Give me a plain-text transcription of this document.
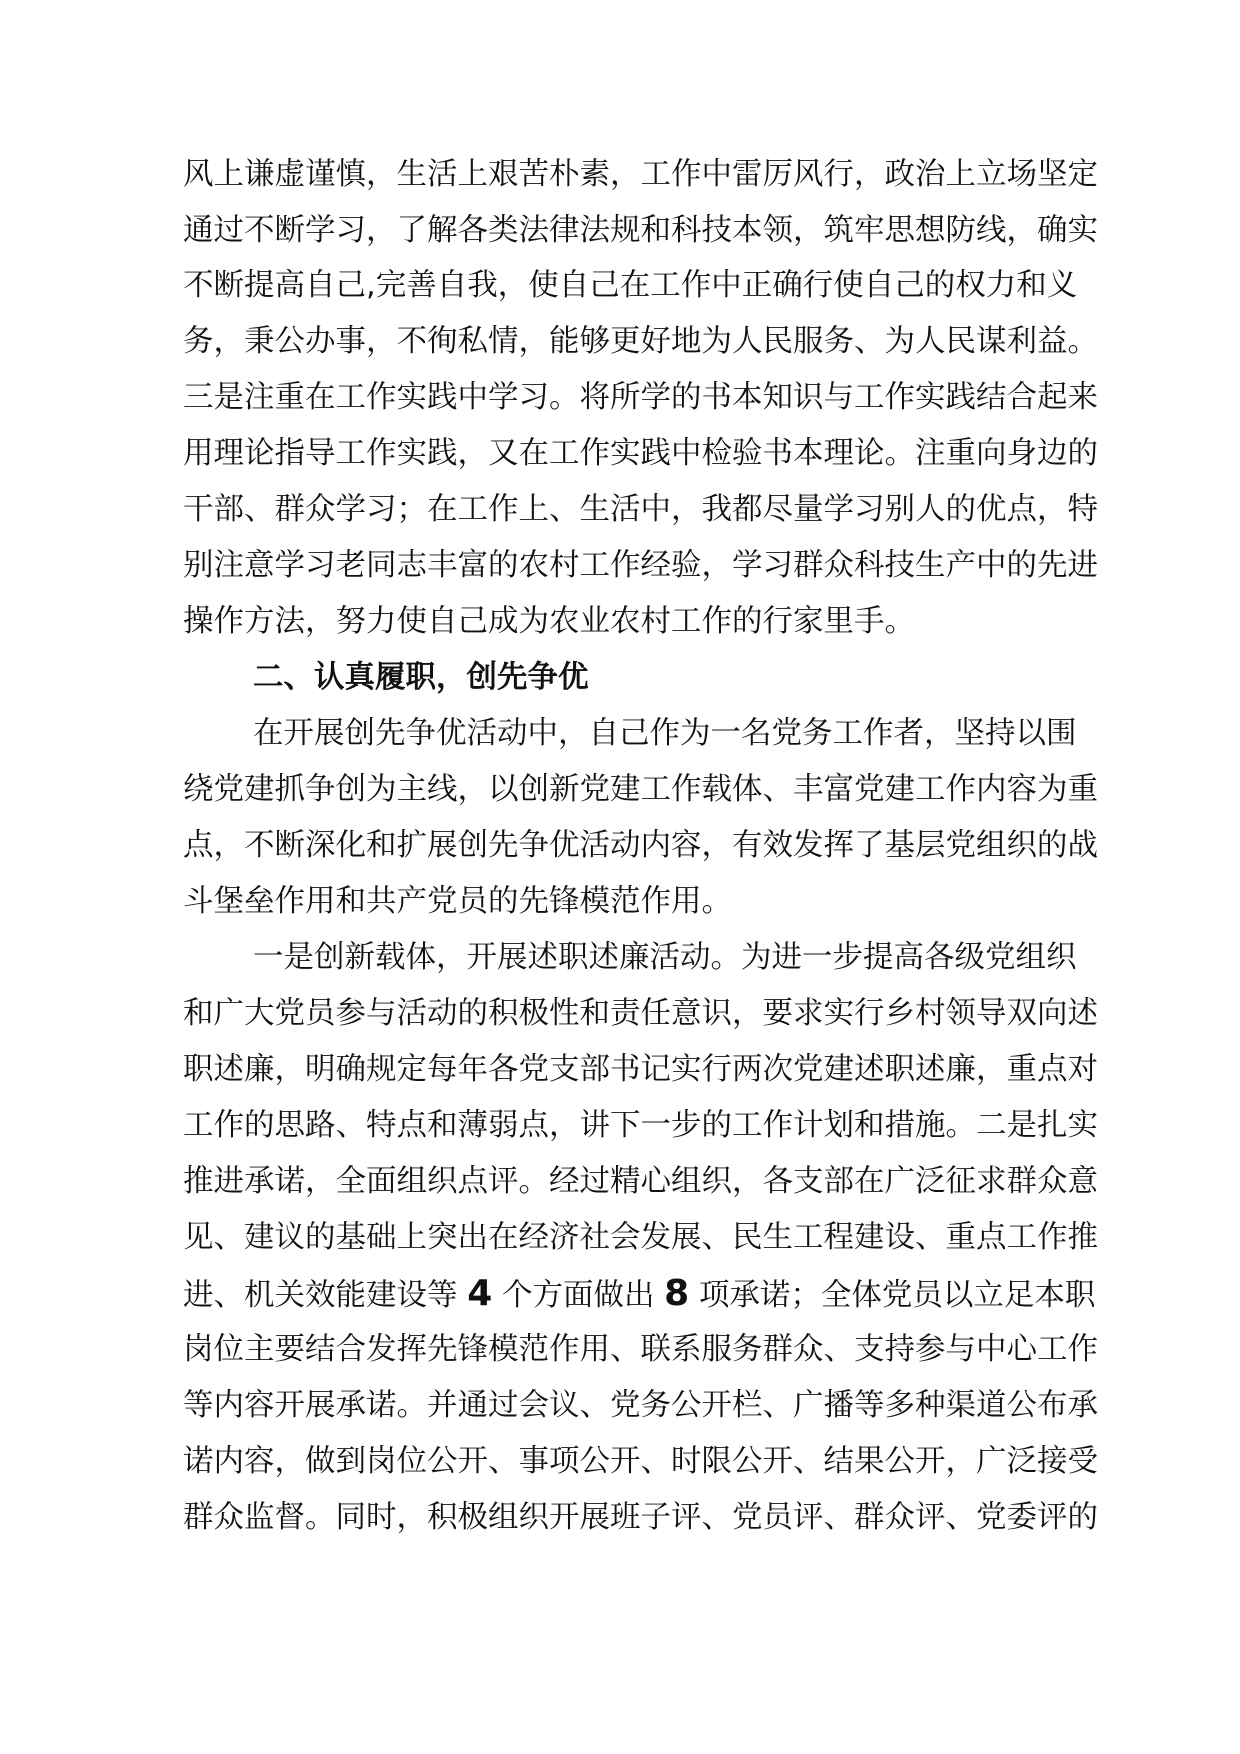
风上谦虚谨慎，生活上艰苦朴素，工作中雷厉风行，政治上立场坚定
通过不断学习，了解各类法律法规和科技本领，筑牢思想防线，确实
不断提高自己,完善自我，使自己在工作中正确行使自己的权力和义
务，秉公办事，不徇私情，能够更好地为人民服务、为人民谋利益。
三是注重在工作实践中学习。将所学的书本知识与工作实践结合起来
用理论指导工作实践，又在工作实践中检验书本理论。注重向身边的
干部、群众学习；在工作上、生活中，我都尽量学习别人的优点，特
别注意学习老同志丰富的农村工作经验，学习群众科技生产中的先进
操作方法，努力使自己成为农业农村工作的行家里手。
二、认真履职，创先争优
在开展创先争优活动中，自己作为一名党务工作者，坚持以围
绕党建抓争创为主线，以创新党建工作载体、丰富党建工作内容为重
点，不断深化和扩展创先争优活动内容，有效发挥了基层党组织的战
斗堡垒作用和共产党员的先锋模范作用。
一是创新载体，开展述职述廉活动。为进一步提高各级党组织
和广大党员参与活动的积极性和责任意识，要求实行乡村领导双向述
职述廉，明确规定每年各党支部书记实行两次党建述职述廉，重点对
工作的思路、特点和薄弱点，讲下一步的工作计划和措施。二是扎实
推进承诺，全面组织点评。经过精心组织，各支部在广泛征求群众意
见、建议的基础上突出在经济社会发展、民生工程建设、重点工作推
进、机关效能建设等 4 个方面做出 8 项承诺；全体党员以立足本职
岗位主要结合发挥先锋模范作用、联系服务群众、支持参与中心工作
等内容开展承诺。并通过会议、党务公开栏、广播等多种渠道公布承
诺内容，做到岗位公开、事项公开、时限公开、结果公开，广泛接受
群众监督。同时，积极组织开展班子评、党员评、群众评、党委评的
